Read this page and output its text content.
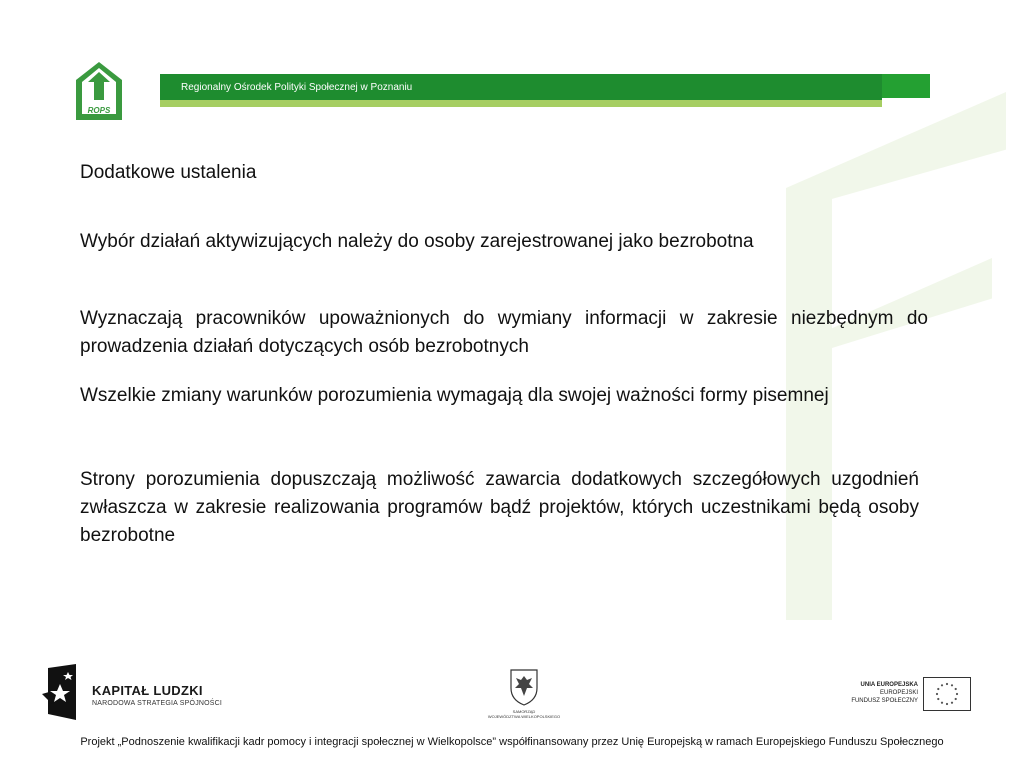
ROPS
Regionalny Ośrodek Polityki Społecznej w Poznaniu

Dodatkowe ustalenia

Wybór działań aktywizujących należy do osoby zarejestrowanej jako bezrobotna

Wyznaczają pracowników upoważnionych do wymiany informacji w zakresie niezbędnym do prowadzenia działań dotyczących osób bezrobotnych

Wszelkie zmiany warunków porozumienia wymagają dla swojej ważności formy pisemnej

Strony porozumienia dopuszczają możliwość zawarcia dodatkowych szczegółowych uzgodnień zwłaszcza w zakresie realizowania programów bądź projektów, których uczestnikami będą osoby bezrobotne

KAPITAŁ LUDZKI
NARODOWA STRATEGIA SPÓJNOŚCI
SAMORZĄD
WOJEWÓDZTWA WIELKOPOLSKIEGO
UNIA EUROPEJSKA
EUROPEJSKI
FUNDUSZ SPOŁECZNY
Projekt „Podnoszenie kwalifikacji kadr pomocy i integracji społecznej w Wielkopolsce” współfinansowany przez Unię Europejską w ramach Europejskiego Funduszu Społecznego
